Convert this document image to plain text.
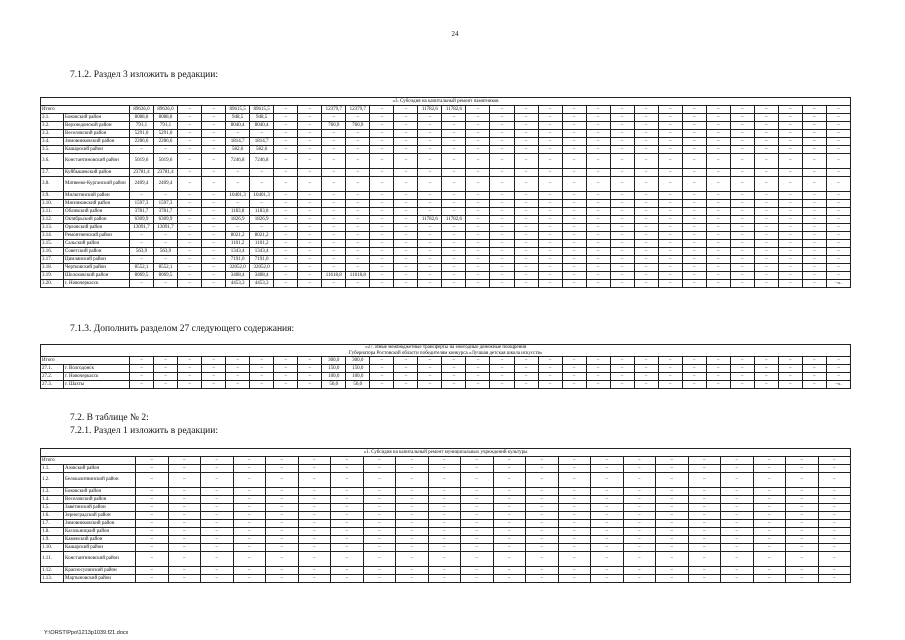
24
7.1.2. Раздел 3 изложить в редакции:
«3. Субсидия на капитальный ремонт памятников																															

Итого		89636,0	89636,0	–	–	89615,5	89615,5	–	–	12379,7	12379,7	–	–	11782,6	11782,6	–	–	–	–	–	–	–	–	–	–	–	–	–	–	–	–
3.1.	Боковский район	8088,8	8088,8	–	–	948,5	948,5	–	–	–	–	–	–	–	–	–	–	–	–	–	–	–	–	–	–	–	–	–	–	–	–
3.2.	Верхнедонской район	791,1	791,1	–	–	8040,4	8040,4	–	–	760,9	760,9	–	–	–	–	–	–	–	–	–	–	–	–	–	–	–	–	–	–	–	–
3.3.	Веселовский район	5291,0	5291,0	–	–	–	–	–	–	–	–	–	–	–	–	–	–	–	–	–	–	–	–	–	–	–	–	–	–	–	–
3.4.	Зимовниковский район	2286,6	2286,6	–	–	1814,7	1814,7	–	–	–	–	–	–	–	–	–	–	–	–	–	–	–	–	–	–	–	–	–	–	–	–
3.5.	Кашарский район	–	–	–	–	582,6	582,6	–	–	–	–	–	–	–	–	–	–	–	–	–	–	–	–	–	–	–	–	–	–	–	–
3.6.	Константиновский район	5019,6	5019,6	–	–	7246,8	7246,8	–	–	–	–	–	–	–	–	–	–	–	–	–	–	–	–	–	–	–	–	–	–	–	–
3.7.	Куйбышевский район	23781,4	23781,4	–	–	–	–	–	–	–	–	–	–	–	–	–	–	–	–	–	–	–	–	–	–	–	–	–	–	–	–
3.8.	Матвеево-Курганский район	2409,4	2409,4	–	–	–	–	–	–	–	–	–	–	–	–	–	–	–	–	–	–	–	–	–	–	–	–	–	–	–	–
3.9.	Милютинский район	–	–	–	–	10401,3	10401,3	–	–	–	–	–	–	–	–	–	–	–	–	–	–	–	–	–	–	–	–	–	–	–	–
3.10.	Мясниковский район	1597,3	1597,3	–	–	–	–	–	–	–	–	–	–	–	–	–	–	–	–	–	–	–	–	–	–	–	–	–	–	–	–
3.11.	Обливский район	3781,7	3781,7	–	–	1183,8	1183,8	–	–	–	–	–	–	–	–	–	–	–	–	–	–	–	–	–	–	–	–	–	–	–	–
3.12.	Октябрьский район	6309,9	6309,9	–	–	1826,9	1826,9	–	–	–	–	–	–	11782,6	11782,6	–	–	–	–	–	–	–	–	–	–	–	–	–	–	–	–
3.13.	Орловский район	13091,7	13091,7	–	–	–	–	–	–	–	–	–	–	–	–	–	–	–	–	–	–	–	–	–	–	–	–	–	–	–	–
3.14.	Ремонтненский район	–	–	–	–	8021,2	8021,2	–	–	–	–	–	–	–	–	–	–	–	–	–	–	–	–	–	–	–	–	–	–	–	–
3.15.	Сальский район	–	–	–	–	1101,2	1101,2	–	–	–	–	–	–	–	–	–	–	–	–	–	–	–	–	–	–	–	–	–	–	–	–
3.16.	Советский район	563,9	563,9	–	–	1343,4	1343,4	–	–	–	–	–	–	–	–	–	–	–	–	–	–	–	–	–	–	–	–	–	–	–	–
3.17.	Цимлянский район	–	–	–	–	7191,0	7191,0	–	–	–	–	–	–	–	–	–	–	–	–	–	–	–	–	–	–	–	–	–	–	–	–
3.18.	Чертковский район	8552,1	8552,1	–	–	32052,0	32052,0	–	–	–	–	–	–	–	–	–	–	–	–	–	–	–	–	–	–	–	–	–	–	–	–
3.19.	Шолоховский район	8069,5	8069,5	–	–	3408,4	3408,4	–	–	11618,8	11618,8	–	–	–	–	–	–	–	–	–	–	–	–	–	–	–	–	–	–	–	–
3.20.	г. Новочеркасск	–	–	–	–	4453,3	4453,3	–	–	–	–	–	–	–	–	–	–	–	–	–	–	–	–	–	–	–	–	–	–	–	–».
7.1.3. Дополнить разделом 27 следующего содержания:
«27. Иные межбюджетные трансферты на ежегодные денежные поощрения
Губернатора Ростовской области победителям конкурса «Лучшая детская школа искусств»																															

Итого		–	–	–	–	–	–	–	–	300,0	300,0	–	–	–	–	–	–	–	–	–	–	–	–	–	–	–	–	–	–	–	–
27.1.	г. Волгодонск	–	–	–	–	–	–	–	–	150,0	150,0	–	–	–	–	–	–	–	–	–	–	–	–	–	–	–	–	–	–	–	–
27.2.	г. Новочеркасск	–	–	–	–	–	–	–	–	100,0	100,0	–	–	–	–	–	–	–	–	–	–	–	–	–	–	–	–	–	–	–	–
27.3.	г. Шахты	–	–	–	–	–	–	–	–	50,0	50,0	–	–	–	–	–	–	–	–	–	–	–	–	–	–	–	–	–	–	–	–».
7.2. В таблице № 2:
7.2.1. Раздел 1 изложить в редакции:
«1. Субсидия на капитальный ремонт муниципальных учреждений культуры																							
Итого		–	–	–	–	–	–	–	–	–	–	–	–	–	–	–	–	–	–	–	–	–	–
1.1.	Азовский район	–	–	–	–	–	–	–	–	–	–	–	–	–	–	–	–	–	–	–	–	–	–
1.2.	Белокалитвинский район	–	–	–	–	–	–	–	–	–	–	–	–	–	–	–	–	–	–	–	–	–	–
1.3.	Боковский район	–	–	–	–	–	–	–	–	–	–	–	–	–	–	–	–	–	–	–	–	–	–
1.4.	Веселовский район	–	–	–	–	–	–	–	–	–	–	–	–	–	–	–	–	–	–	–	–	–	–
1.5.	Заветинский район	–	–	–	–	–	–	–	–	–	–	–	–	–	–	–	–	–	–	–	–	–	–
1.6.	Зерноградский район	–	–	–	–	–	–	–	–	–	–	–	–	–	–	–	–	–	–	–	–	–	–
1.7.	Зимовниковский район	–	–	–	–	–	–	–	–	–	–	–	–	–	–	–	–	–	–	–	–	–	–
1.8.	Кагальницкий район	–	–	–	–	–	–	–	–	–	–	–	–	–	–	–	–	–	–	–	–	–	–
1.9.	Каменский район	–	–	–	–	–	–	–	–	–	–	–	–	–	–	–	–	–	–	–	–	–	–
1.10.	Кашарский район	–	–	–	–	–	–	–	–	–	–	–	–	–	–	–	–	–	–	–	–	–	–
1.11.	Константиновский район	–	–	–	–	–	–	–	–	–	–	–	–	–	–	–	–	–	–	–	–	–	–
1.12.	Красносулинский район	–	–	–	–	–	–	–	–	–	–	–	–	–	–	–	–	–	–	–	–	–	–
1.13.	Мартыновский район	–	–	–	–	–	–	–	–	–	–	–	–	–	–	–	–	–	–	–	–	–	–
Y:\ORST\Ppo\1213p1039.f21.docx
